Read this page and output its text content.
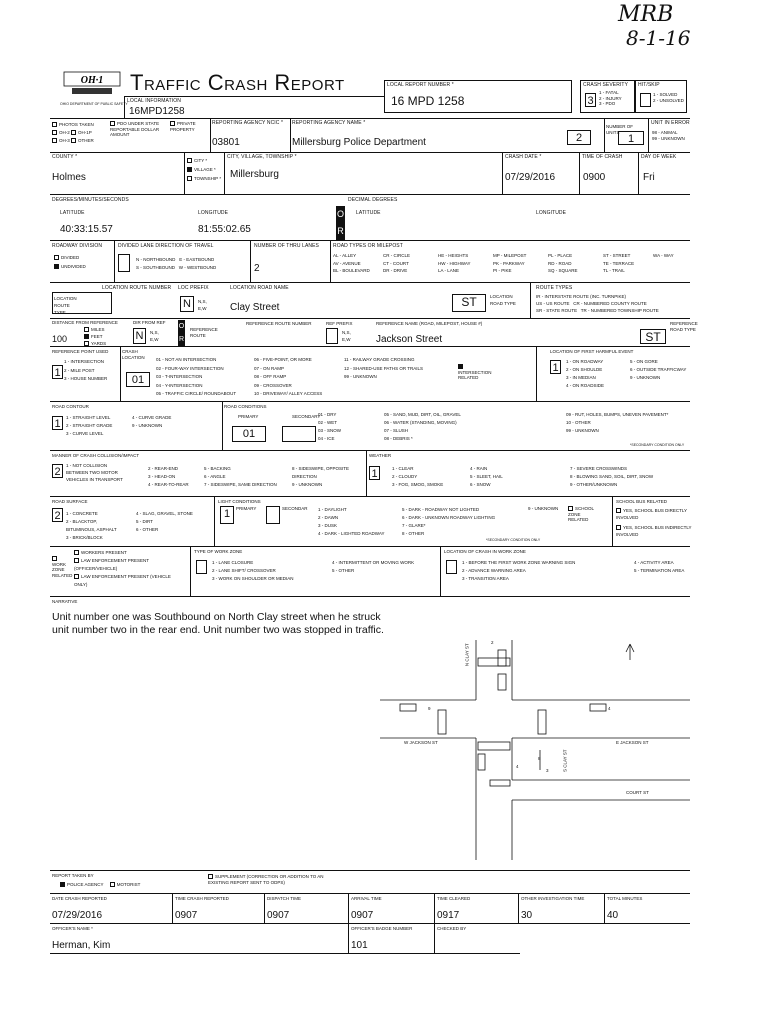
MRB
8-1-16
OH·1
OHIO DEPARTMENT OF PUBLIC SAFETY
Traffic Crash Report	LOCAL REPORT NUMBER *
16 MPD 1258
CRASH SEVERITY
3
1 - FATAL
2 - INJURY
3 - PDO
HIT/SKIP
1 - SOLVED
2 - UNSOLVED
LOCAL INFORMATION
16MPD1258
PHOTOS TAKEN
OH-2 OH-1P
OH-3 OTHER
PDO UNDER STATE REPORTABLE DOLLAR AMOUNT
PRIVATE PROPERTY
REPORTING AGENCY NCIC *
03801
REPORTING AGENCY NAME *
Millersburg Police Department	2
NUMBER OF UNITS
UNIT IN ERROR
1
98 - ANIMAL
99 - UNKNOWN
COUNTY *
Holmes
CITY *
VILLAGE *
TOWNSHIP *
CITY, VILLAGE, TOWNSHIP *
Millersburg
CRASH DATE *
07/29/2016
TIME OF CRASH
0900
DAY OF WEEK
Fri
DEGREES/MINUTES/SECONDS
LATITUDE
40:33:15.57
LONGITUDE
81:55:02.65
O
R
DECIMAL DEGREES
LATITUDE	LONGITUDE
ROADWAY DIVISION
DIVIDED
UNDIVIDED
DIVIDED LANE DIRECTION OF TRAVEL
N - NORTHBOUND E - EASTBOUND
S - SOUTHBOUND W - WESTBOUND
NUMBER OF THRU LANES
2
ROAD TYPES OR MILEPOST
AL - ALLEY
AV - AVENUE
BL - BOULEVARD
CR - CIRCLE
CT - COURT
DR - DRIVE
HE - HEIGHTS
HW - HIGHWAY
LA - LANE
MP - MILEPOST
PK - PARKWAY
PI - PIKE
PL - PLACE
RD - ROAD
SQ - SQUARE
ST - STREET
TE - TERRACE
TL - TRAIL
WA - WAY
LOCATION ROUTE NUMBER
LOCATION
ROUTE
TYPE
LOC PREFIX
N	N,S,
E,W
LOCATION ROAD NAME
Clay Street	ST	LOCATION ROAD TYPE
ROUTE TYPES
IR - INTERSTATE ROUTE (INC. TURNPIKE)
US - US ROUTE CR - NUMBERED COUNTY ROUTE
SR - STATE ROUTE TR - NUMBERED TOWNSHIP ROUTE
DISTANCE FROM REFERENCE
100
MILES
FEET
YARDS
DIR FROM REF
N	N,S,
E,W
O
R
REFERENCE ROUTE
REFERENCE ROUTE NUMBER	REF PREFIX
N,S,
E,W
REFERENCE NAME (ROAD, MILEPOST, HOUSE #)
Jackson Street
REFERENCE ROAD TYPE
ST
REFERENCE POINT USED
1
1 - INTERSECTION
2 - MILE POST
3 - HOUSE NUMBER
CRASH LOCATION
01
01 - NOT AN INTERSECTION
02 - FOUR-WAY INTERSECTION
03 - T-INTERSECTION
04 - Y-INTERSECTION
05 - TRAFFIC CIRCLE/ ROUNDABOUT
06 - FIVE-POINT, OR MORE
07 - ON RAMP
08 - OFF RAMP
09 - CROSSOVER
10 - DRIVEWAY/ ALLEY ACCESS
11 - RAILWAY GRADE CROSSING
12 - SHARED-USE PATHS OR TRAILS
99 - UNKNOWN
INTERSECTION RELATED
LOCATION OF FIRST HARMFUL EVENT
1
1 - ON ROADWAY
2 - ON SHOULDE
3 - IN MEDIAN
4 - ON ROADSIDE
5 - ON GORE
6 - OUTSIDE TRAFFICWAY
9 - UNKNOWN
ROAD CONTOUR
1
1 - STRAIGHT LEVEL
2 - STRAIGHT GRADE
3 - CURVE LEVEL
4 - CURVE GRADE
9 - UNKNOWN
ROAD CONDITIONS
PRIMARY	SECONDARY
01
01 - DRY
02 - WET
03 - SNOW
04 - ICE
05 - SAND, MUD, DIRT, OIL, GRAVEL
06 - WATER (STANDING, MOVING)
07 - SLUSH
08 - DEBRIS *
09 - RUT, HOLES, BUMPS, UNEVEN PAVEMENT*
10 - OTHER
99 - UNKNOWN
*SECONDARY CONDITION ONLY
MANNER OF CRASH COLLISION/IMPACT
2
1 - NOT COLLISION BETWEEN TWO MOTOR VEHICLES IN TRANSPORT
2 - REAR-END
3 - HEAD-ON
4 - REAR-TO-REAR
5 - BACKING
6 - ANGLE
7 - SIDESWIPE, SAME DIRECTION
8 - SIDESWIPE, OPPOSITE DIRECTION
9 - UNKNOWN
WEATHER
1	1 - CLEAR
2 - CLOUDY
3 - FOG, SMOG, SMOKE
4 - RAIN
5 - SLEET, HAIL
6 - SNOW
7 - SEVERE CROSSWINDS
8 - BLOWING SAND, SOIL, DIRT, SNOW
9 - OTHER/UNKNOWN
ROAD SURFACE
2	1 - CONCRETE
2 - BLACKTOP, BITUMINOUS, ASPHALT
3 - BRICK/BLOCK
4 - SLAG, GRAVEL, STONE
5 - DIRT
6 - OTHER
LIGHT CONDITIONS
PRIMARY
1	SECONDAR 1 - DAYLIGHT
2 - DAWN
3 - DUSK
4 - DARK - LIGHTED ROADWAY
5 - DARK - ROADWAY NOT LIGHTED
6 - DARK - UNKNOWN ROADWAY LIGHTING
7 - GLARE*
8 - OTHER
9 - UNKNOWN
*SECONDARY CONDITION ONLY
SCHOOL ZONE RELATED
SCHOOL BUS RELATED
YES, SCHOOL BUS DIRECTLY INVOLVED
YES, SCHOOL BUS INDIRECTLY INVOLVED
WORK ZONE RELATED
WORKERS PRESENT
LAW ENFORCEMENT PRESENT (OFFICER/VEHICLE)
LAW ENFORCEMENT PRESENT (VEHICLE ONLY)
TYPE OF WORK ZONE
1 - LANE CLOSURE
2 - LANE SHIFT/ CROSSOVER
3 - WORK ON SHOULDER OR MEDIAN
4 - INTERMITTENT OR MOVING WORK
5 - OTHER
LOCATION OF CRASH IN WORK ZONE
1 - BEFORE THE FIRST WORK ZONE WARNING SIGN
2 - ADVANCE WARNING AREA
3 - TRANSITION AREA
4 - ACTIVITY AREA
5 - TERMINATION AREA
NARRATIVE
Unit number one was Southbound on North Clay street when he struck
unit number two in the rear end. Unit number two was stopped in traffic.
N CLAY ST
W JACKSON ST	E JACKSON ST
COURT ST
S CLAY ST
9	4
8
4
3
2
REPORT TAKEN BY
POLICE AGENCY	MOTORIST
SUPPLEMENT (CORRECTION OR ADDITION TO AN EXISTING REPORT SENT TO ODPS)
DATE CRASH REPORTED
07/29/2016
TIME CRASH REPORTED
0907
DISPATCH TIME
0907
ARRIVAL TIME
0907
TIME CLEARED
0917
OTHER INVESTIGATION TIME
30
TOTAL MINUTES
40
OFFICER'S NAME *
Herman, Kim
OFFICER'S BADGE NUMBER
101
CHECKED BY
